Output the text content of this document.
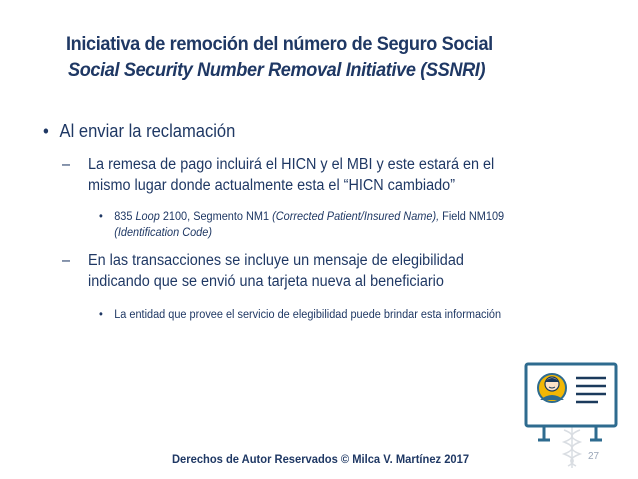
Iniciativa de remoción del número de Seguro Social
Social Security Number Removal Initiative (SSNRI)
• Al enviar la reclamación
–	La remesa de pago incluirá el HICN y el MBI y este estará en el
mismo lugar donde actualmente esta el “HICN cambiado”
• 835 Loop 2100, Segmento NM1 (Corrected Patient/Insured Name), Field NM109
(Identification Code)
–	En las transacciones se incluye un mensaje de elegibilidad
indicando que se envió una tarjeta nueva al beneficiario
• La entidad que provee el servicio de elegibilidad puede brindar esta información
Derechos de Autor Reservados © Milca V. Martínez 2017	27
